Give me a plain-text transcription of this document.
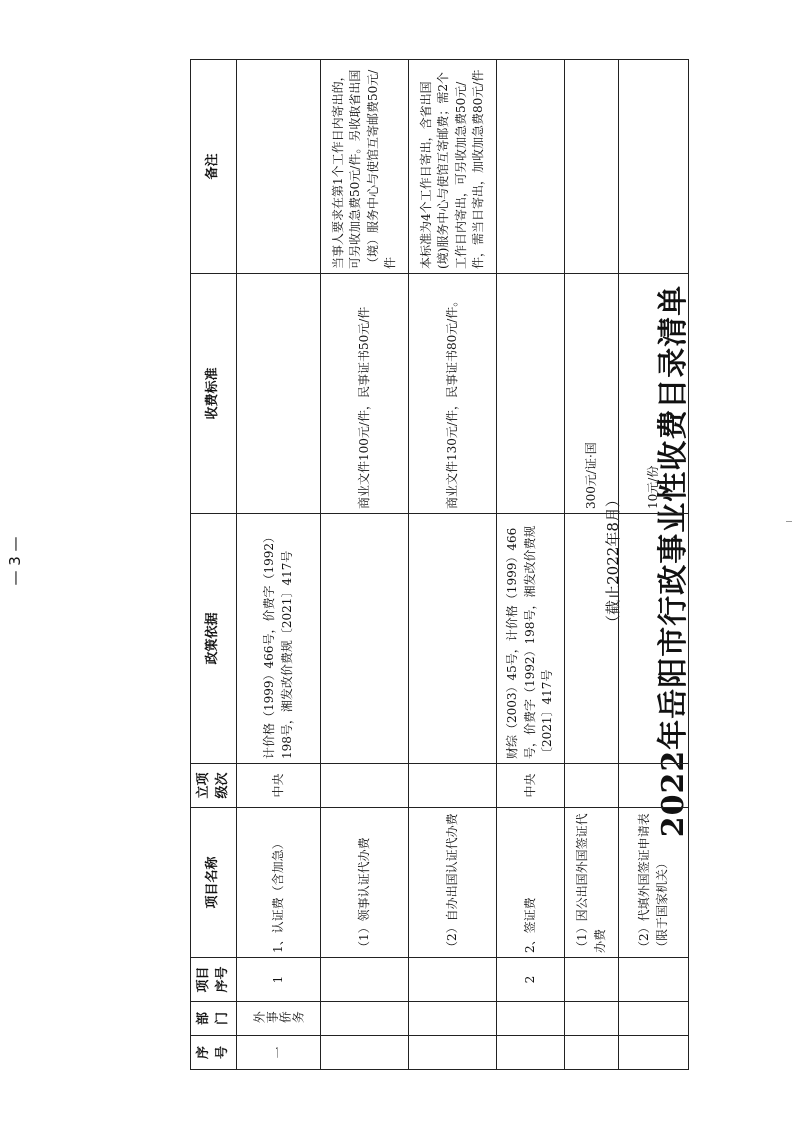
2022年岳阳市行政事业性收费目录清单
（截止2022年8月）
序号	部门	项目序号	项目名称	立项级次	政策依据	收费标准	备注
一	外事侨务	1	1、认证费（含加急）	中央	计价格（1999）466号，价费字（1992）198号，湘发改价费规〔2021〕417号		
			（1）领事认证代办费			商业文件100元/件，民事证书50元/件	当事人要求在第1个工作日内寄出的，可另收加急费50元/件。另收取省出国（境）服务中心与使馆互寄邮费50元/件
			（2）自办出国认证代办费			商业文件130元/件，民事证书80元/件。	本标准为4个工作日寄出，含省出国(境)服务中心与使馆互寄邮费；需2个工作日内寄出，可另收加急费50元/件，需当日寄出，加收加急费80元/件
		2	2、签证费	中央	财综（2003）45号，计价格（1999）466号，价费字（1992）198号，湘发改价费规〔2021〕417号		
			（1）因公出国外国签证代办费			300元/证·国	
			（2）代填外国签证申请表（限于国家机关）			10元/份	
— 3 —
